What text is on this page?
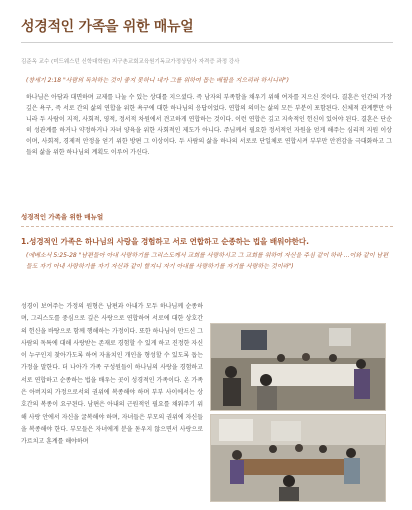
성경적인 가족을 위한 매뉴얼
김준옥 교수 (미드웨스턴 신학대학원) 지구촌교회교육원기독교가정상담사 자격증 과정 강사
(창세기 2:18 "사람의 독처하는 것이 좋지 못하니 내가 그를 위하여 돕는 배필을 지으리라 하시니라")
하나님은 아담과 대면하며 교제를 나눌 수 있는 상대를 지으셨다. 즉 남자의 부족함을 채우기 위해 여자를 지으신 것이다. 결혼은 인간의 가장 깊은 욕구, 즉 서로 간의 삶의 연합을 위한 욕구에 대한 하나님의 응답이었다. 연합의 의미는 삶의 모든 부분이 포함된다. 신체적 관계뿐만 아니라 두 사람이 지적, 사회적, 영적, 정서적 차원에서 견고하게 연합하는 것이다. 이런 연합은 깊고 지속적인 헌신이 있어야 된다. 결혼은 단순히 성관계를 하거나 약정하거나 자녀 양육을 위한 사회적인 제도가 아니다. 주님께서 필요한 정서적인 자원을 얻게 해주는 심리적 지원 이상이며, 사회적, 경제적 안정을 얻기 위한 방편 그 이상이다. 두 사람의 삶을 하나의 서로로 단일체로 연합시켜 부부만 안전감을 극대화하고 그들의 삶을 위한 하나님의 계획도 이루어 가신다.
성경적인 가족을 위한 매뉴얼
1.성경적인 가족은 하나님의 사랑을 경험하고 서로 연합하고 순종하는 법을 배워야한다.
(에베소서 5:25-28 "남편들아 아내 사랑하기를 그리스도께서 교회를 사랑하시고 그 교회를 위하여 자신을 주심 같이 하라 ...이와 같이 남편들도 자기 아내 사랑하기를 자기 자신과 같이 할지니 자기 아내를 사랑하기를 자기를 사랑하는 것이라")
성경이 보여주는 가정의 원형은 남편과 아내가 모두 하나님께 순종하며, 그리스도를 중심으로 깊은 사랑으로 연합하여 서로에 대한 상호간의 헌신을 바탕으로 함께 행해하는 가정이다. 또한 하나님이 만드신 그 사람의 독특에 대해 사랑받는 존재로 경험할 수 있게 하고 진정한 자신이 누구인지 찾아가도록 하여 자율치인 개인을 형성할 수 있도록 돕는 가정을 말한다. 더 나아가 가족 구성원들이 하나님의 사랑을 경험하고 서로 연합하고 순종하는 법을 배우는 곳이 성경적인 가족이다. 온 가족은 아버지의 가정으로서의 권위에 복종해야 하며 부부 사이에서는 상호간의 복종이 요구된다. 남편은 아내의 근원적인 필요를 채워주기 위해 사랑 안에서 자신을 굴복해야 하며, 자녀들은 부모의 권위에 자신들을 복종해야 한다. 부모들은 자녀에게 분을 돋우지 않으면서 사랑으로 가르치고 훈계를 해야하며
